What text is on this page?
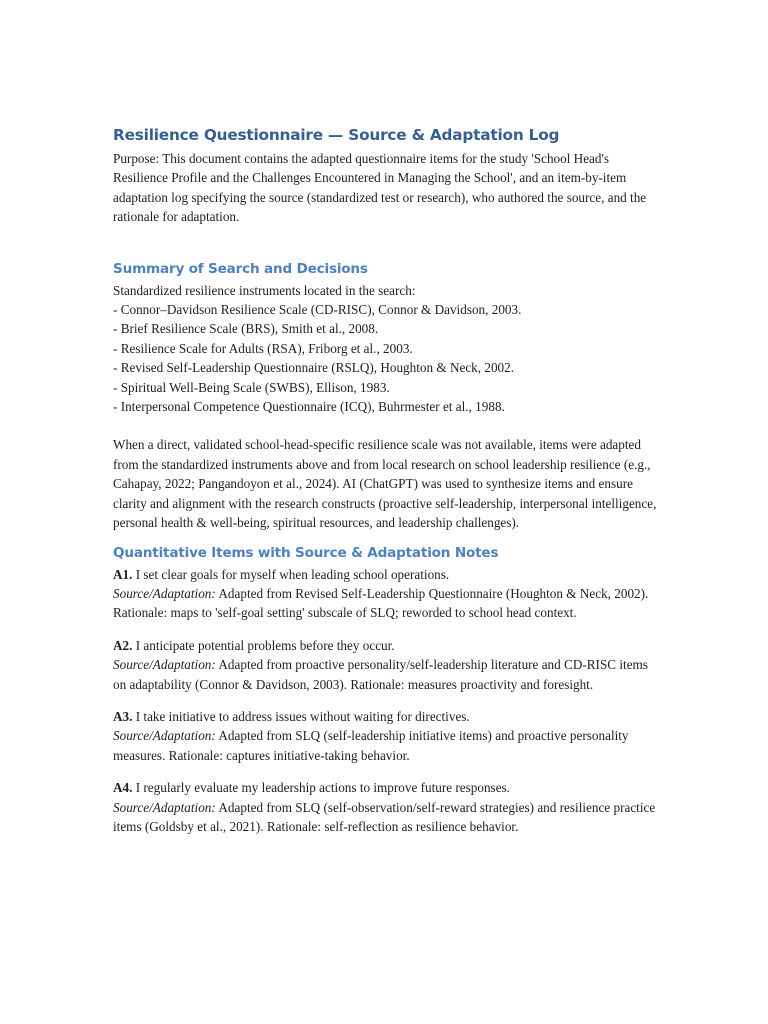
Resilience Questionnaire — Source & Adaptation Log

Purpose: This document contains the adapted questionnaire items for the study 'School Head's Resilience Profile and the Challenges Encountered in Managing the School', and an item-by-item adaptation log specifying the source (standardized test or research), who authored the source, and the rationale for adaptation.

Summary of Search and Decisions
Standardized resilience instruments located in the search:
- Connor–Davidson Resilience Scale (CD-RISC), Connor & Davidson, 2003.
- Brief Resilience Scale (BRS), Smith et al., 2008.
- Resilience Scale for Adults (RSA), Friborg et al., 2003.
- Revised Self-Leadership Questionnaire (RSLQ), Houghton & Neck, 2002.
- Spiritual Well-Being Scale (SWBS), Ellison, 1983.
- Interpersonal Competence Questionnaire (ICQ), Buhrmester et al., 1988.

When a direct, validated school-head-specific resilience scale was not available, items were adapted from the standardized instruments above and from local research on school leadership resilience (e.g., Cahapay, 2022; Pangandoyon et al., 2024). AI (ChatGPT) was used to synthesize items and ensure clarity and alignment with the research constructs (proactive self-leadership, interpersonal intelligence, personal health & well-being, spiritual resources, and leadership challenges).

Quantitative Items with Source & Adaptation Notes
A1. I set clear goals for myself when leading school operations.
Source/Adaptation: Adapted from Revised Self-Leadership Questionnaire (Houghton & Neck, 2002). Rationale: maps to 'self-goal setting' subscale of SLQ; reworded to school head context.
A2. I anticipate potential problems before they occur.
Source/Adaptation: Adapted from proactive personality/self-leadership literature and CD-RISC items on adaptability (Connor & Davidson, 2003). Rationale: measures proactivity and foresight.
A3. I take initiative to address issues without waiting for directives.
Source/Adaptation: Adapted from SLQ (self-leadership initiative items) and proactive personality measures. Rationale: captures initiative-taking behavior.
A4. I regularly evaluate my leadership actions to improve future responses.
Source/Adaptation: Adapted from SLQ (self-observation/self-reward strategies) and resilience practice items (Goldsby et al., 2021). Rationale: self-reflection as resilience behavior.
